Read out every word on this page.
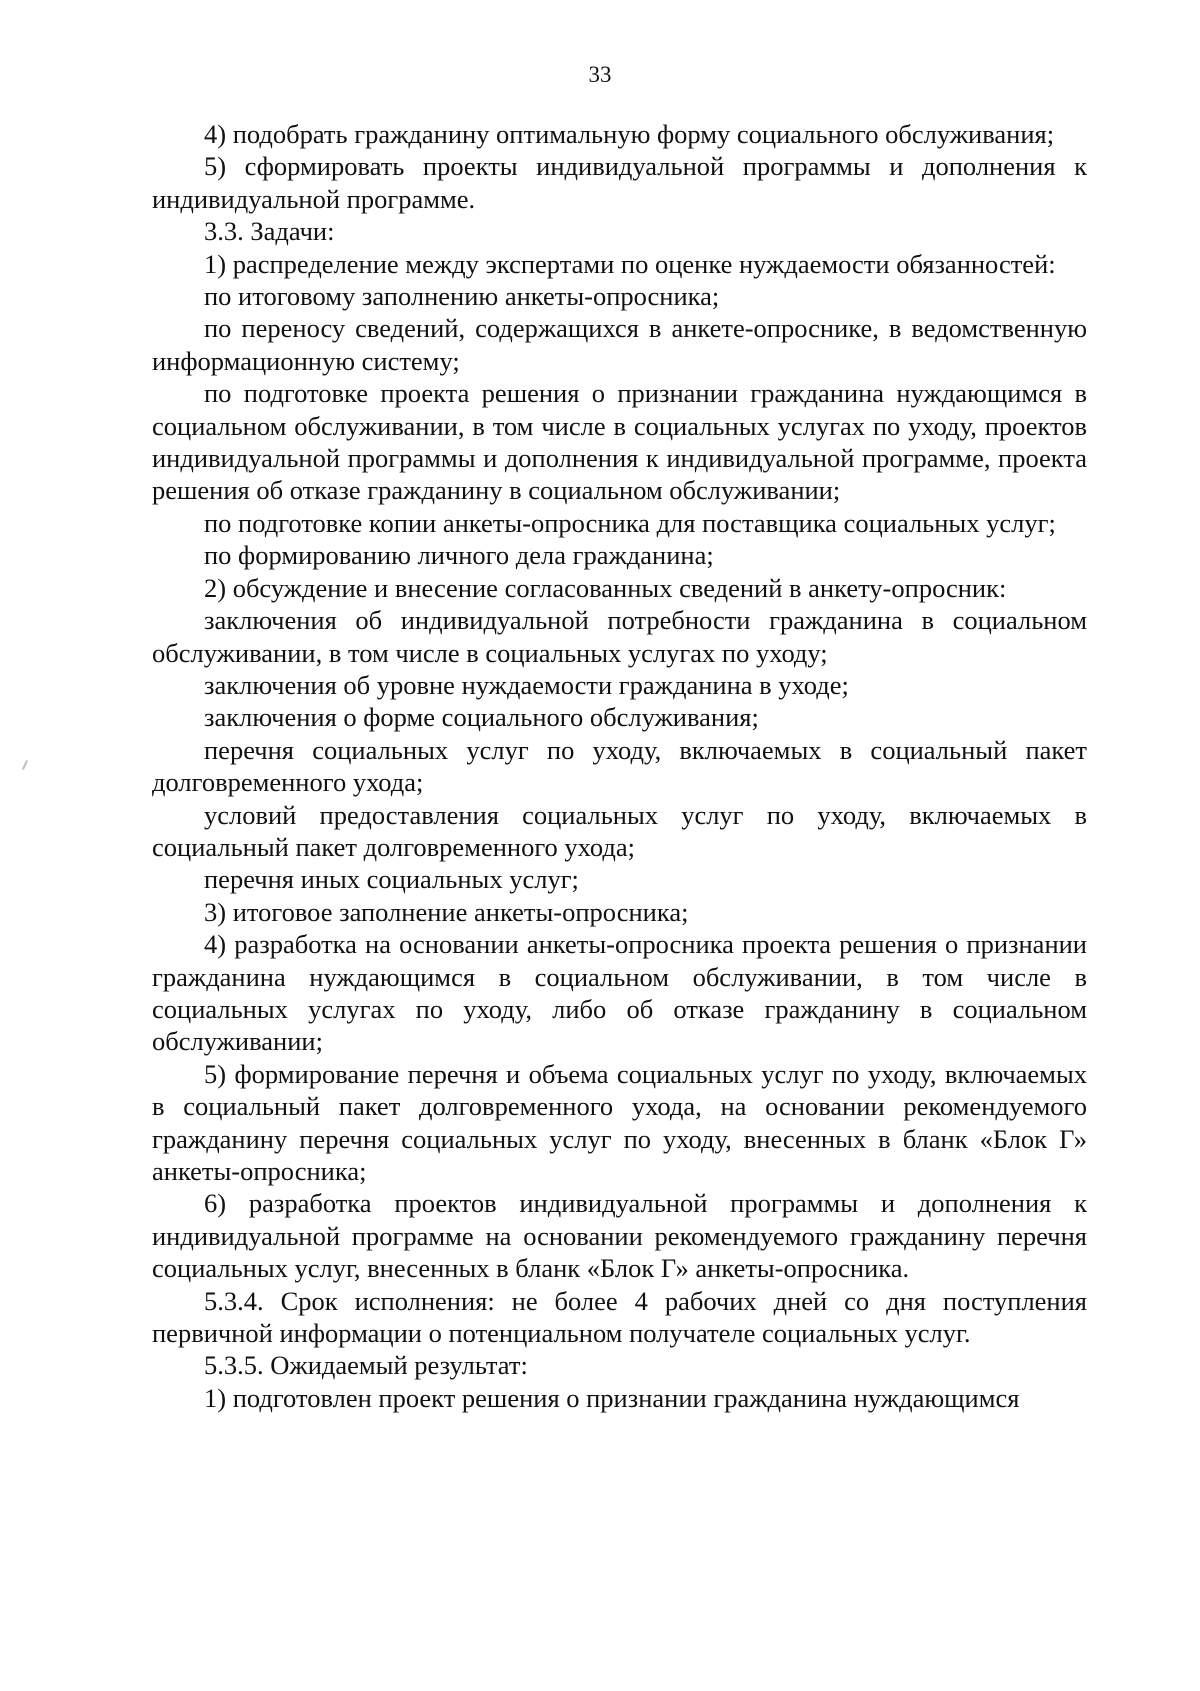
33

4) подобрать гражданину оптимальную форму социального обслуживания;

5) сформировать проекты индивидуальной программы и дополнения к индивидуальной программе.

3.3. Задачи:

1) распределение между экспертами по оценке нуждаемости обязанностей:

по итоговому заполнению анкеты-опросника;

по переносу сведений, содержащихся в анкете-опроснике, в ведомственную информационную систему;

по подготовке проекта решения о признании гражданина нуждающимся в социальном обслуживании, в том числе в социальных услугах по уходу, проектов индивидуальной программы и дополнения к индивидуальной программе, проекта решения об отказе гражданину в социальном обслуживании;

по подготовке копии анкеты-опросника для поставщика социальных услуг;

по формированию личного дела гражданина;

2) обсуждение и внесение согласованных сведений в анкету-опросник:

заключения об индивидуальной потребности гражданина в социальном обслуживании, в том числе в социальных услугах по уходу;

заключения об уровне нуждаемости гражданина в уходе;

заключения о форме социального обслуживания;

перечня социальных услуг по уходу, включаемых в социальный пакет долговременного ухода;

условий предоставления социальных услуг по уходу, включаемых в социальный пакет долговременного ухода;

перечня иных социальных услуг;

3) итоговое заполнение анкеты-опросника;

4) разработка на основании анкеты-опросника проекта решения о признании гражданина нуждающимся в социальном обслуживании, в том числе в социальных услугах по уходу, либо об отказе гражданину в социальном обслуживании;

5) формирование перечня и объема социальных услуг по уходу, включаемых в социальный пакет долговременного ухода, на основании рекомендуемого гражданину перечня социальных услуг по уходу, внесенных в бланк «Блок Г» анкеты-опросника;

6) разработка проектов индивидуальной программы и дополнения к индивидуальной программе на основании рекомендуемого гражданину перечня социальных услуг, внесенных в бланк «Блок Г» анкеты-опросника.

5.3.4. Срок исполнения: не более 4 рабочих дней со дня поступления первичной информации о потенциальном получателе социальных услуг.

5.3.5. Ожидаемый результат:

1) подготовлен проект решения о признании гражданина нуждающимся
